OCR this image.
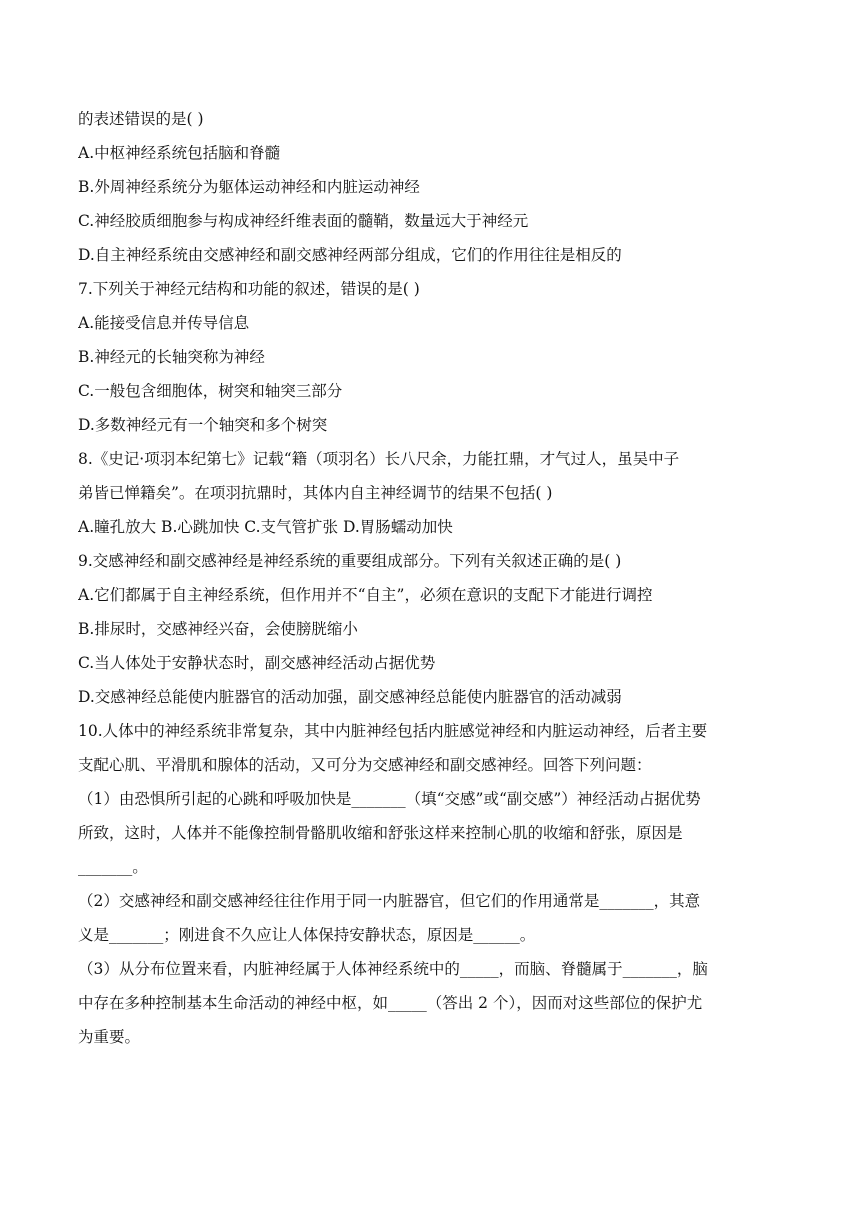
的表述错误的是( )
A.中枢神经系统包括脑和脊髓
B.外周神经系统分为躯体运动神经和内脏运动神经
C.神经胶质细胞参与构成神经纤维表面的髓鞘，数量远大于神经元
D.自主神经系统由交感神经和副交感神经两部分组成，它们的作用往往是相反的
7.下列关于神经元结构和功能的叙述，错误的是( )
A.能接受信息并传导信息
B.神经元的长轴突称为神经
C.一般包含细胞体，树突和轴突三部分
D.多数神经元有一个轴突和多个树突
8.《史记·项羽本纪第七》记载“籍（项羽名）长八尺余，力能扛鼎，才气过人，虽吴中子
弟皆已惮籍矣”。在项羽抗鼎时，其体内自主神经调节的结果不包括( )
A.瞳孔放大 B.心跳加快 C.支气管扩张 D.胃肠蠕动加快
9.交感神经和副交感神经是神经系统的重要组成部分。下列有关叙述正确的是( )
A.它们都属于自主神经系统，但作用并不“自主”，必须在意识的支配下才能进行调控
B.排尿时，交感神经兴奋，会使膀胱缩小
C.当人体处于安静状态时，副交感神经活动占据优势
D.交感神经总能使内脏器官的活动加强，副交感神经总能使内脏器官的活动减弱
10.人体中的神经系统非常复杂，其中内脏神经包括内脏感觉神经和内脏运动神经，后者主要
支配心肌、平滑肌和腺体的活动，又可分为交感神经和副交感神经。回答下列问题：
（1）由恐惧所引起的心跳和呼吸加快是_______（填“交感”或“副交感”）神经活动占据优势
所致，这时，人体并不能像控制骨骼肌收缩和舒张这样来控制心肌的收缩和舒张，原因是
_______。
（2）交感神经和副交感神经往往作用于同一内脏器官，但它们的作用通常是_______，其意
义是_______；刚进食不久应让人体保持安静状态，原因是______。
（3）从分布位置来看，内脏神经属于人体神经系统中的_____，而脑、脊髓属于_______，脑
中存在多种控制基本生命活动的神经中枢，如_____（答出 2 个），因而对这些部位的保护尤
为重要。
